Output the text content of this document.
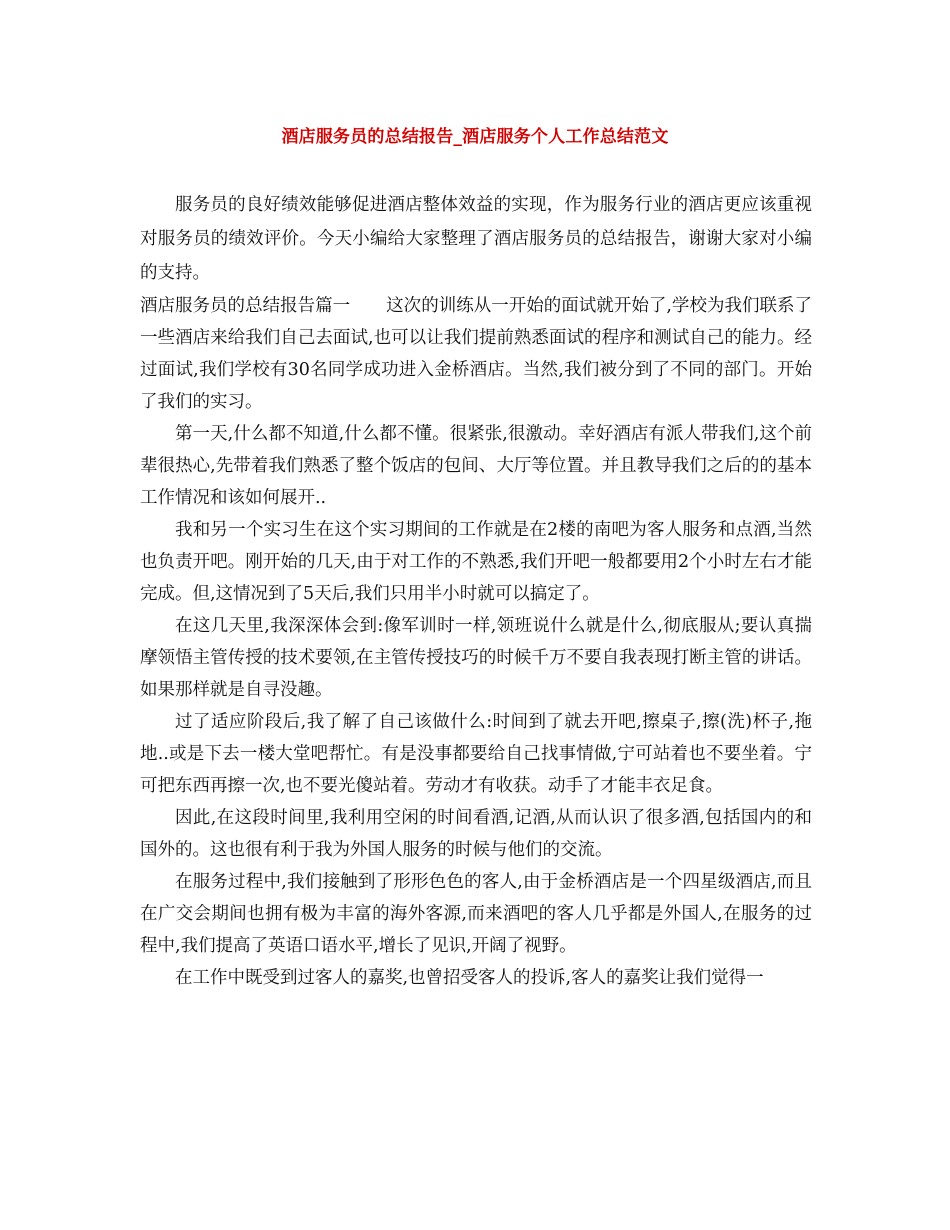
酒店服务员的总结报告_酒店服务个人工作总结范文

服务员的良好绩效能够促进酒店整体效益的实现，作为服务行业的酒店更应该重视对服务员的绩效评价。今天小编给大家整理了酒店服务员的总结报告，谢谢大家对小编的支持。

酒店服务员的总结报告篇一 这次的训练从一开始的面试就开始了,学校为我们联系了一些酒店来给我们自己去面试,也可以让我们提前熟悉面试的程序和测试自己的能力。经过面试,我们学校有30名同学成功进入金桥酒店。当然,我们被分到了不同的部门。开始了我们的实习。

第一天,什么都不知道,什么都不懂。很紧张,很激动。幸好酒店有派人带我们,这个前辈很热心,先带着我们熟悉了整个饭店的包间、大厅等位置。并且教导我们之后的的基本工作情况和该如何展开..

我和另一个实习生在这个实习期间的工作就是在2楼的南吧为客人服务和点酒,当然也负责开吧。刚开始的几天,由于对工作的不熟悉,我们开吧一般都要用2个小时左右才能完成。但,这情况到了5天后,我们只用半小时就可以搞定了。

在这几天里,我深深体会到:像军训时一样,领班说什么就是什么,彻底服从;要认真揣摩领悟主管传授的技术要领,在主管传授技巧的时候千万不要自我表现打断主管的讲话。如果那样就是自寻没趣。

过了适应阶段后,我了解了自己该做什么:时间到了就去开吧,擦桌子,擦(洗)杯子,拖地..或是下去一楼大堂吧帮忙。有是没事都要给自己找事情做,宁可站着也不要坐着。宁可把东西再擦一次,也不要光傻站着。劳动才有收获。动手了才能丰衣足食。

因此,在这段时间里,我利用空闲的时间看酒,记酒,从而认识了很多酒,包括国内的和国外的。这也很有利于我为外国人服务的时候与他们的交流。

在服务过程中,我们接触到了形形色色的客人,由于金桥酒店是一个四星级酒店,而且在广交会期间也拥有极为丰富的海外客源,而来酒吧的客人几乎都是外国人,在服务的过程中,我们提高了英语口语水平,增长了见识,开阔了视野。

在工作中既受到过客人的嘉奖,也曾招受客人的投诉,客人的嘉奖让我们觉得一
